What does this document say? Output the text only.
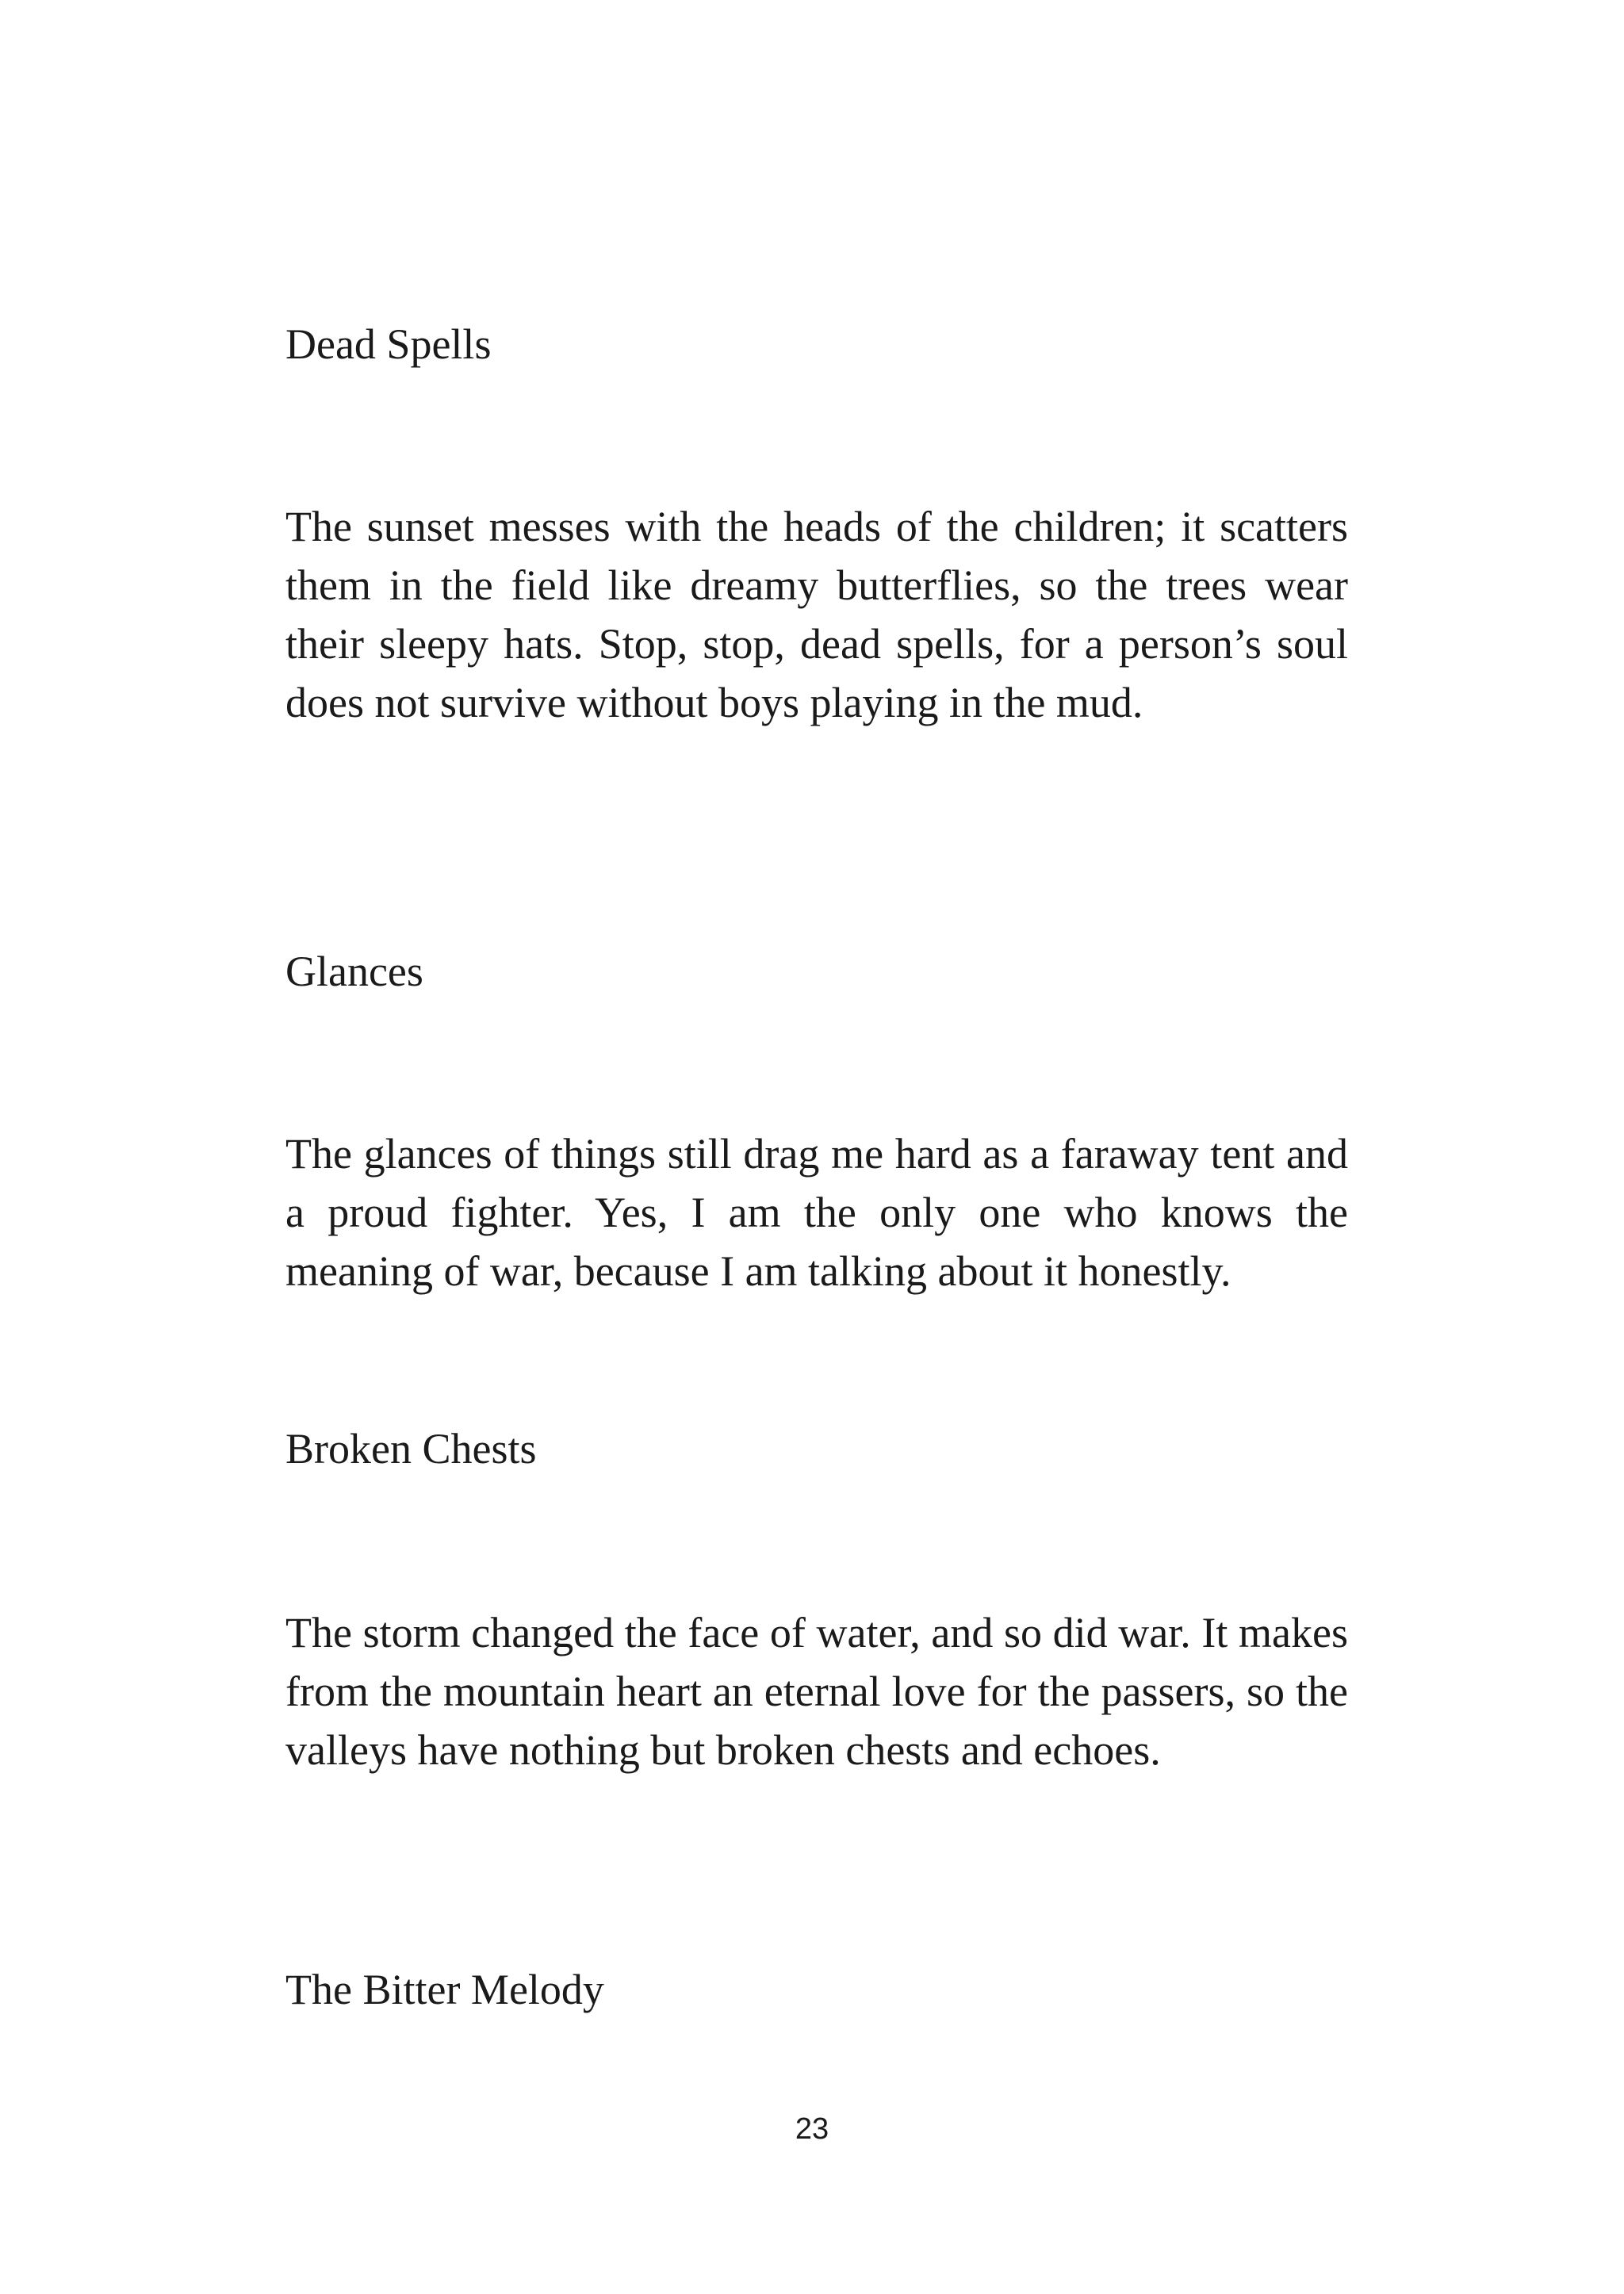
Dead Spells

The sunset messes with the heads of the children; it scatters them in the field like dreamy butterflies, so the trees wear their sleepy hats. Stop, stop, dead spells, for a person’s soul does not survive without boys playing in the mud.

Glances

The glances of things still drag me hard as a faraway tent and a proud fighter. Yes, I am the only one who knows the meaning of war, because I am talking about it honestly.

Broken Chests

The storm changed the face of water, and so did war. It makes from the mountain heart an eternal love for the passers, so the valleys have nothing but broken chests and echoes.

The Bitter Melody
23
